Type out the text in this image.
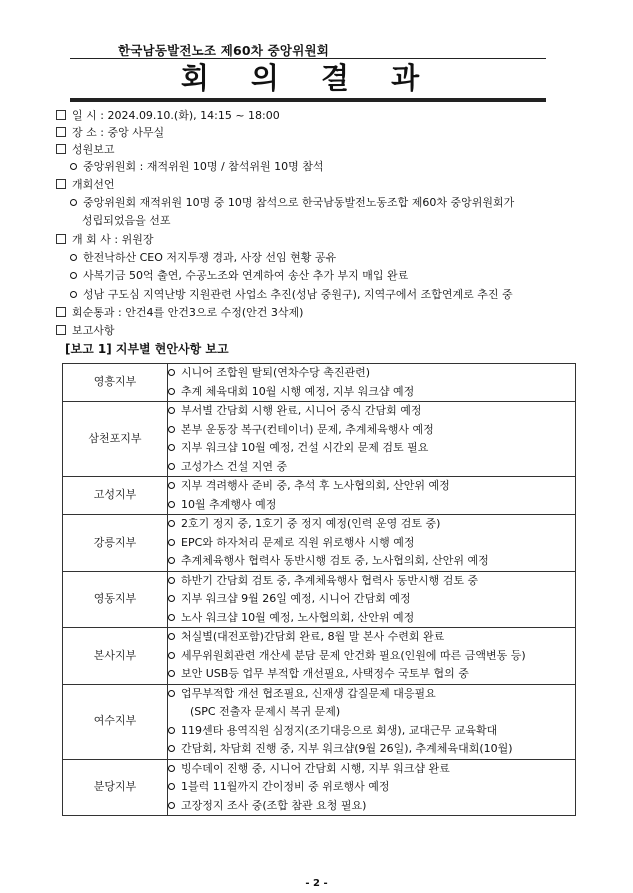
한국남동발전노조 제60차 중앙위원회
회 의 결 과
일 시 : 2024.09.10.(화), 14:15 ~ 18:00
장 소 : 중앙 사무실
성원보고
중앙위원회 : 재적위원 10명 / 참석위원 10명 참석
개회선언
중앙위원회 재적위원 10명 중 10명 참석으로 한국남동발전노동조합 제60차 중앙위원회가
성립되었음을 선포
개 회 사 : 위원장
한전낙하산 CEO 저지투쟁 경과, 사장 선임 현황 공유
사복기금 50억 출연, 수공노조와 연계하여 송산 추가 부지 매입 완료
성남 구도심 지역난방 지원관련 사업소 추진(성남 중원구), 지역구에서 조합연계로 추진 중
회순통과 : 안건4를 안건3으로 수정(안건 3삭제)
보고사항
[보고 1] 지부별 현안사항 보고
영흥지부	시니어 조합원 탈퇴(연차수당 촉진관련)
추계 체육대회 10월 시행 예정, 지부 워크샵 예정

삼천포지부	부서별 간담회 시행 완료, 시니어 중식 간담회 예정
본부 운동장 복구(컨테이너) 문제, 추계체육행사 예정
지부 워크샵 10월 예정, 건설 시간외 문제 검토 필요
고성가스 건설 지연 중

고성지부	지부 격려행사 준비 중, 추석 후 노사협의회, 산안위 예정
10월 추계행사 예정

강릉지부	2호기 정지 중, 1호기 중 정지 예정(인력 운영 검토 중)
EPC와 하자처리 문제로 직원 위로행사 시행 예정
추계체육행사 협력사 동반시행 검토 중, 노사협의회, 산안위 예정

영동지부	하반기 간담회 검토 중, 추계체육행사 협력사 동반시행 검토 중
지부 워크샵 9월 26일 예정, 시니어 간담회 예정
노사 워크샵 10월 예정, 노사협의회, 산안위 예정

본사지부	처실별(대전포함)간담회 완료, 8월 말 본사 수련회 완료
세무위원회관련 개산세 분담 문제 안건화 필요(인원에 따른 금액변동 등)
보안 USB등 업무 부적합 개선필요, 사택정수 국토부 협의 중

여수지부	업무부적합 개선 협조필요, 신재생 갑질문제 대응필요
(SPC 전출자 문제시 복귀 문제)
119센타 용역직원 심정지(조기대응으로 회생), 교대근무 교육확대
간담회, 차담회 진행 중, 지부 워크샵(9월 26일), 추계체육대회(10월)

분당지부	빙수데이 진행 중, 시니어 간담회 시행, 지부 워크샵 완료
1블럭 11월까지 간이정비 중 위로행사 예정
고장정지 조사 중(조합 참관 요청 필요)
- 2 -
